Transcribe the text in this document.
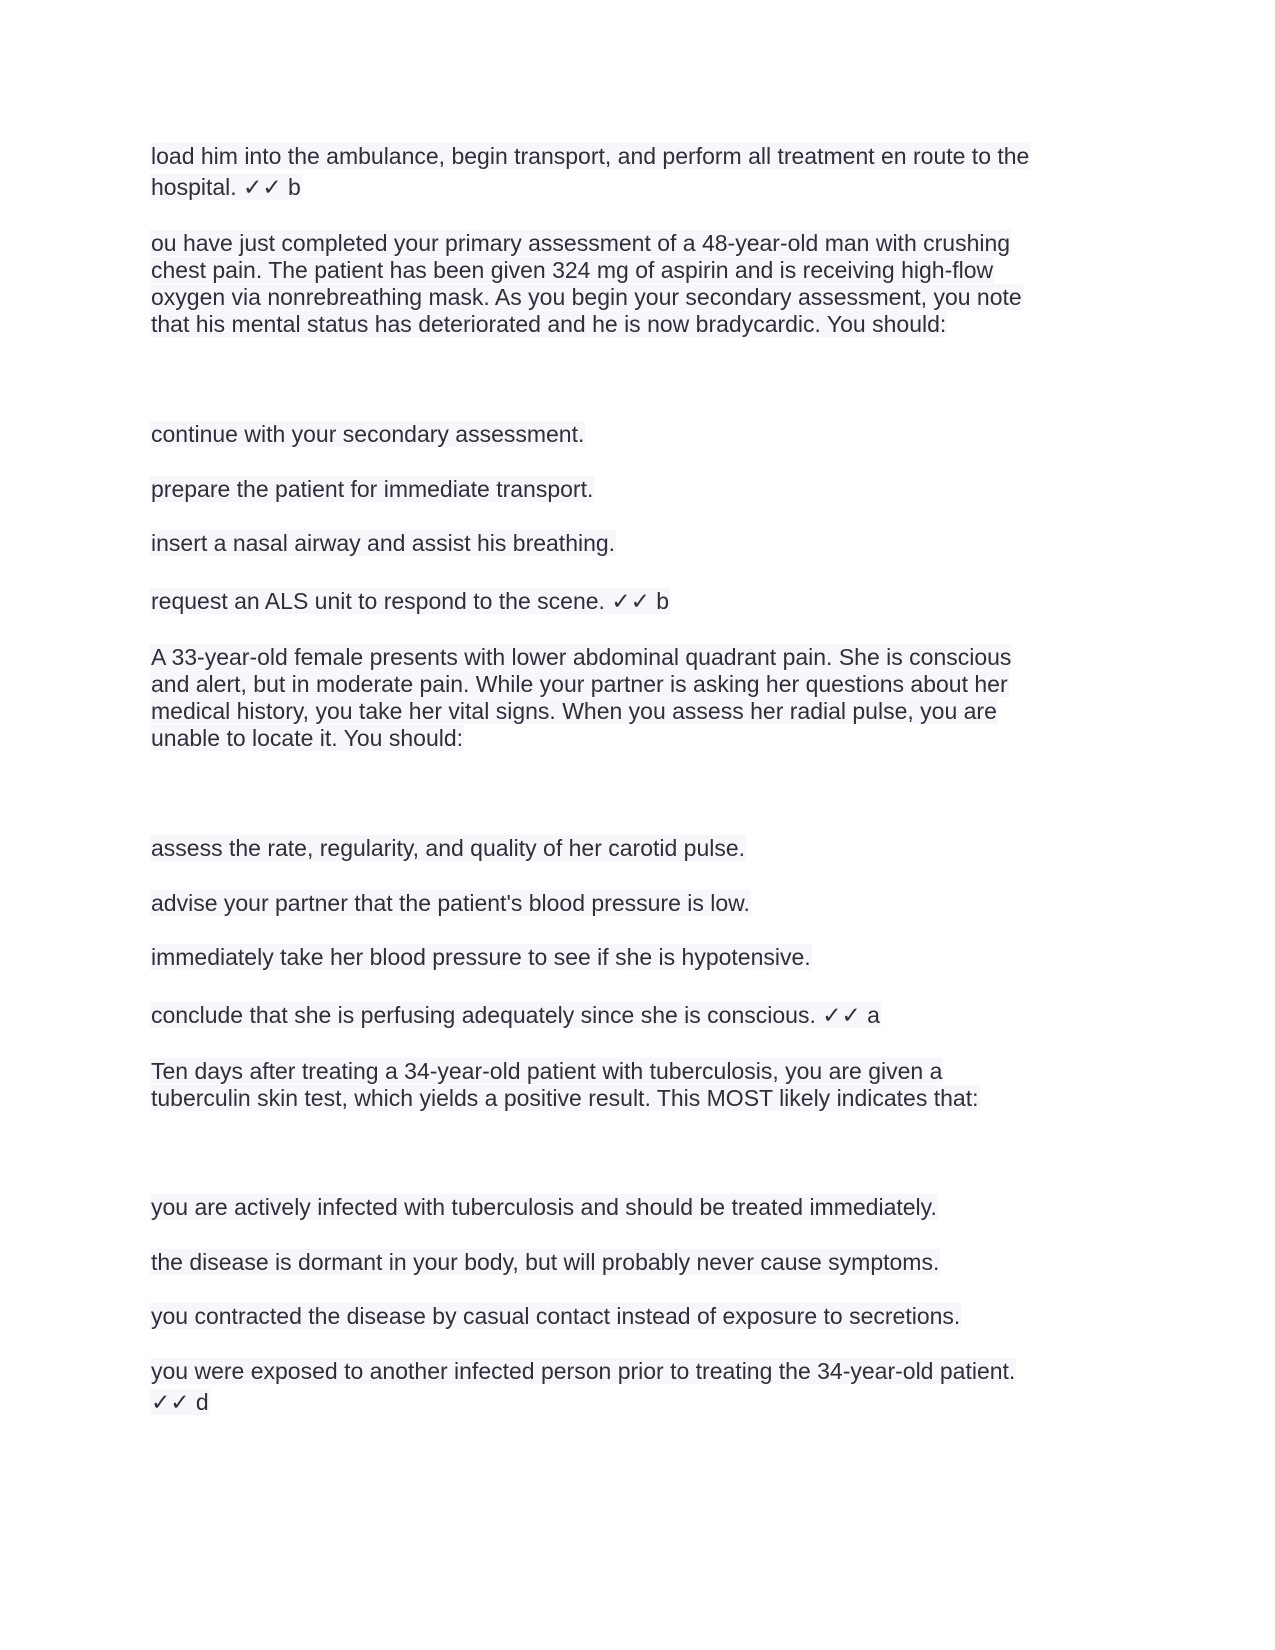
load him into the ambulance, begin transport, and perform all treatment en route to the
hospital. ✓✓ b
ou have just completed your primary assessment of a 48-year-old man with crushing
chest pain. The patient has been given 324 mg of aspirin and is receiving high-flow
oxygen via nonrebreathing mask. As you begin your secondary assessment, you note
that his mental status has deteriorated and he is now bradycardic. You should:
continue with your secondary assessment.
prepare the patient for immediate transport.
insert a nasal airway and assist his breathing.
request an ALS unit to respond to the scene. ✓✓ b
A 33-year-old female presents with lower abdominal quadrant pain. She is conscious
and alert, but in moderate pain. While your partner is asking her questions about her
medical history, you take her vital signs. When you assess her radial pulse, you are
unable to locate it. You should:
assess the rate, regularity, and quality of her carotid pulse.
advise your partner that the patient's blood pressure is low.
immediately take her blood pressure to see if she is hypotensive.
conclude that she is perfusing adequately since she is conscious. ✓✓ a
Ten days after treating a 34-year-old patient with tuberculosis, you are given a
tuberculin skin test, which yields a positive result. This MOST likely indicates that:
you are actively infected with tuberculosis and should be treated immediately.
the disease is dormant in your body, but will probably never cause symptoms.
you contracted the disease by casual contact instead of exposure to secretions.
you were exposed to another infected person prior to treating the 34-year-old patient.
✓✓ d
